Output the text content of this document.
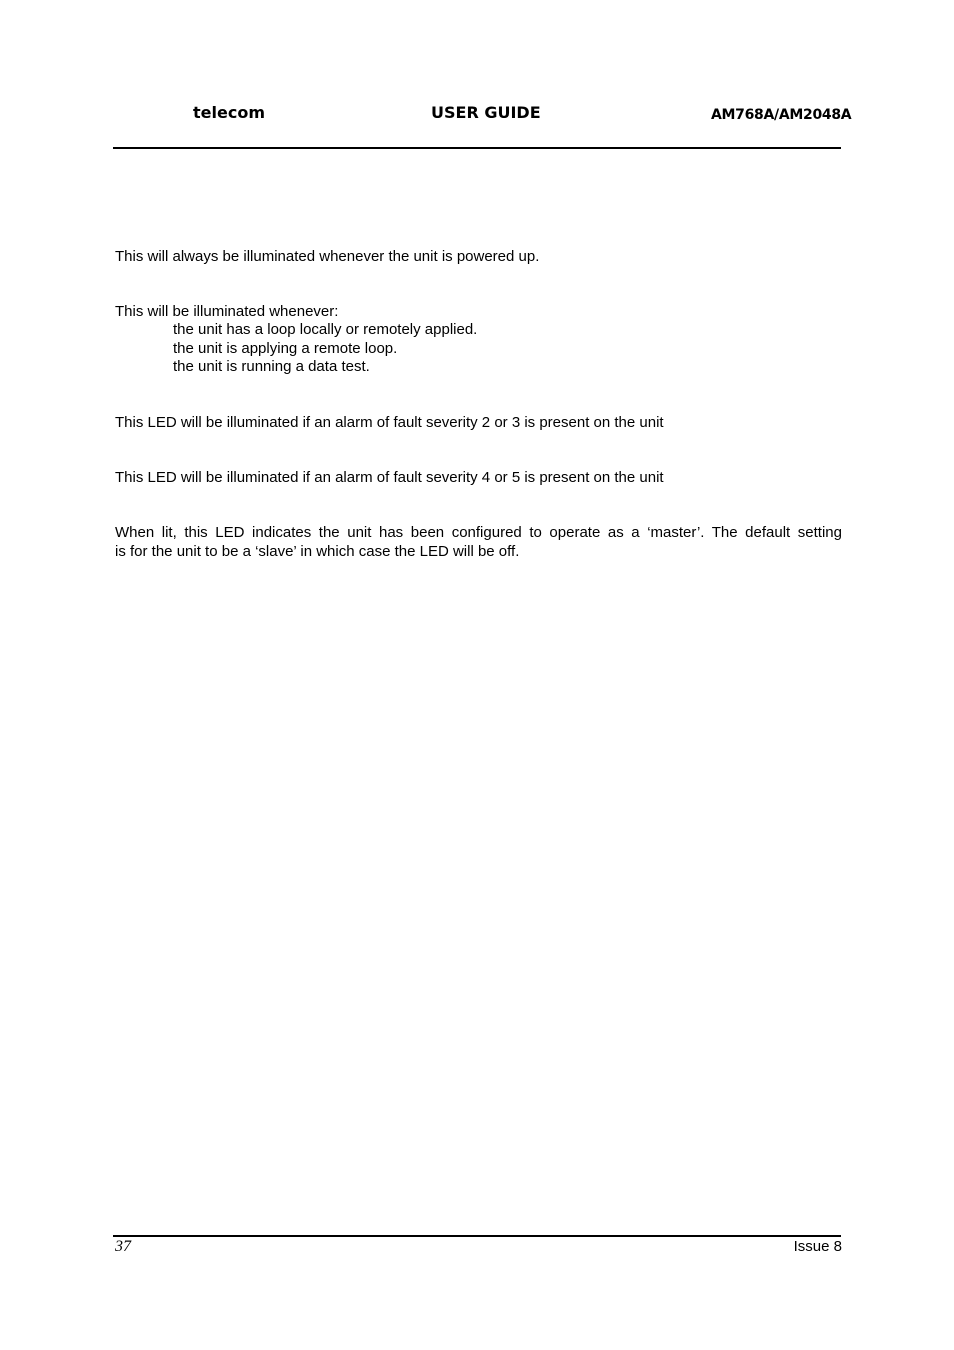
telecom	USER GUIDE	AM768A/AM2048A

This will always be illuminated whenever the unit is powered up.

This will be illuminated whenever:

the unit has a loop locally or remotely applied.

the unit is applying a remote loop.

the unit is running a data test.

This LED will be illuminated if an alarm of fault severity 2 or 3 is present on the unit

This LED will be illuminated if an alarm of fault severity 4 or 5 is present on the unit

When lit, this LED indicates the unit has been configured to operate as a ‘master’. The default setting
is for the unit to be a ‘slave’ in which case the LED will be off.

37	Issue 8
